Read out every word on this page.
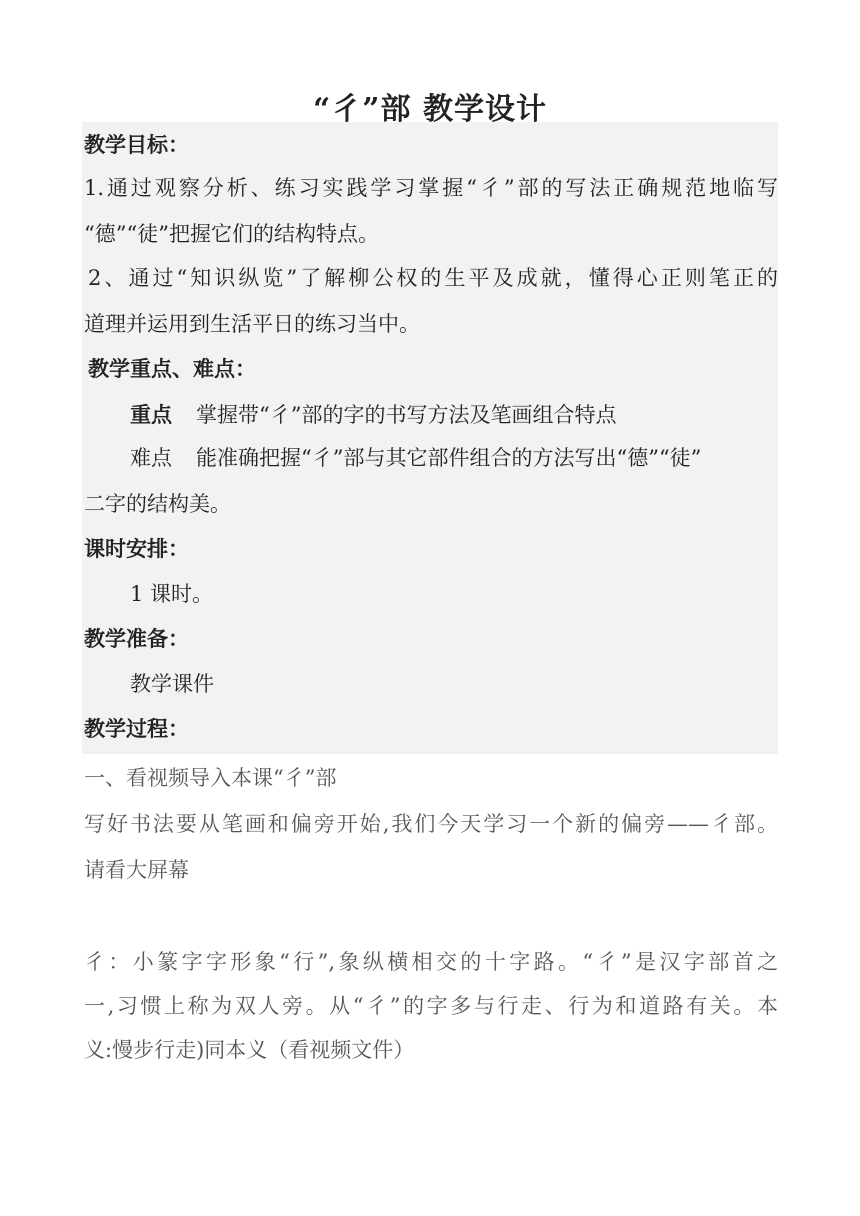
“彳”部 教学设计
教学目标：
1.通过观察分析、练习实践学习掌握“彳”部的写法正确规范地临写
“德”“徒”把握它们的结构特点。
2、通过“知识纵览”了解柳公权的生平及成就，懂得心正则笔正的
道理并运用到生活平日的练习当中。
教学重点、难点：
重点 掌握带“彳”部的字的书写方法及笔画组合特点
难点 能准确把握“彳”部与其它部件组合的方法写出“德”“徒”
二字的结构美。
课时安排：
1 课时。
教学准备：
教学课件
教学过程：
一、看视频导入本课“彳”部
写好书法要从笔画和偏旁开始,我们今天学习一个新的偏旁——彳部。
请看大屏幕
彳：小篆字字形象“行”,象纵横相交的十字路。“彳”是汉字部首之
一,习惯上称为双人旁。从“彳”的字多与行走、行为和道路有关。本
义:慢步行走)同本义（看视频文件）
